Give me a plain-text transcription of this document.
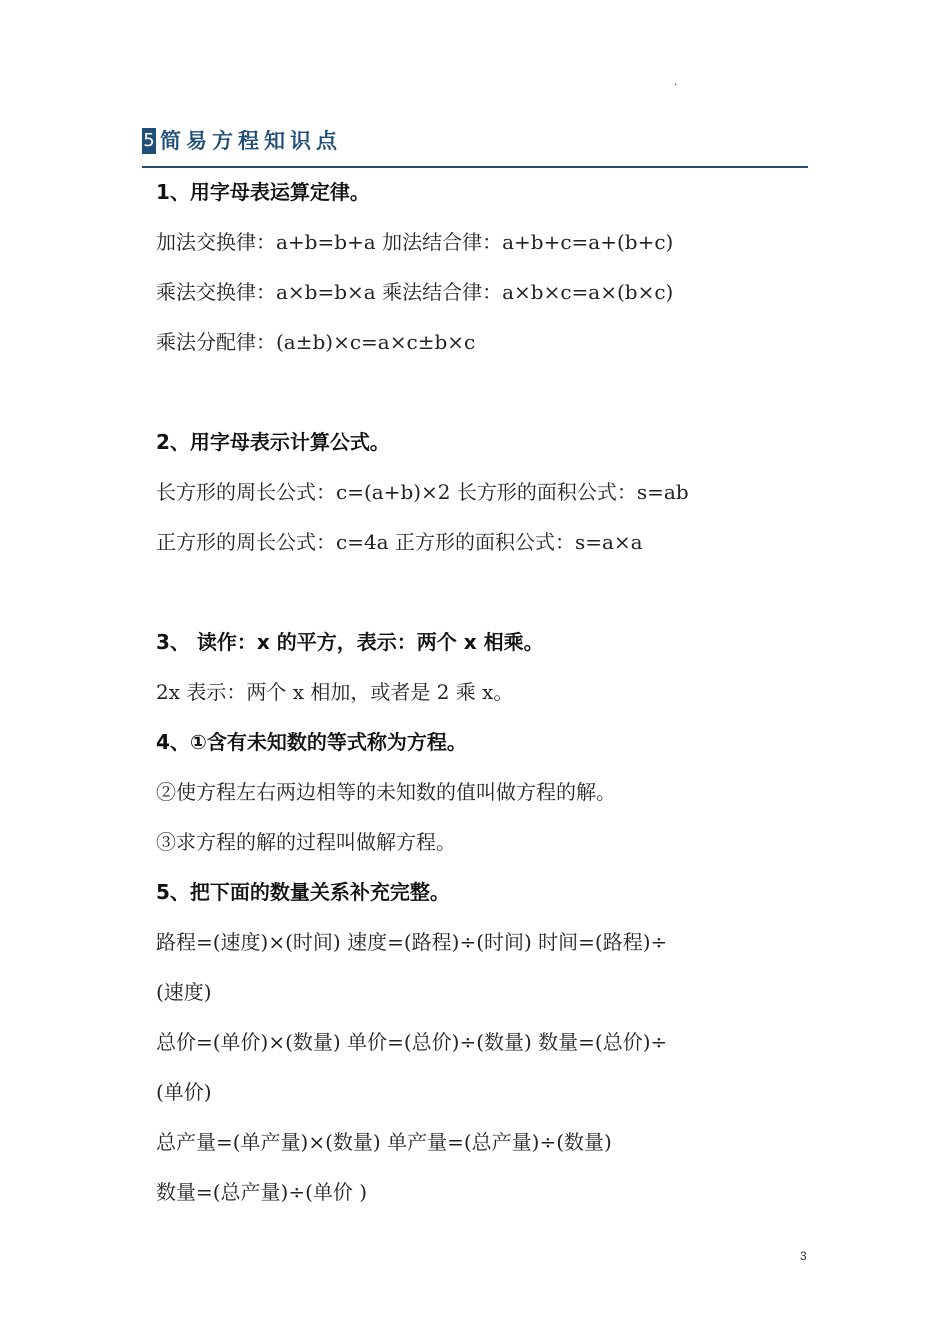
.
5 简易方程知识点
1、用字母表运算定律。
加法交换律：a+b=b+a 加法结合律：a+b+c=a+(b+c)
乘法交换律：a×b=b×a 乘法结合律：a×b×c=a×(b×c)
乘法分配律：(a±b)×c=a×c±b×c
2、用字母表示计算公式。
长方形的周长公式：c=(a+b)×2 长方形的面积公式：s=ab
正方形的周长公式：c=4a 正方形的面积公式：s=a×a
3、 读作：x 的平方，表示：两个 x 相乘。
2x 表示：两个 x 相加，或者是 2 乘 x。
4、①含有未知数的等式称为方程。
②使方程左右两边相等的未知数的值叫做方程的解。
③求方程的解的过程叫做解方程。
5、把下面的数量关系补充完整。
路程=(速度)×(时间) 速度=(路程)÷(时间) 时间=(路程)÷
(速度)
总价=(单价)×(数量) 单价=(总价)÷(数量) 数量=(总价)÷
(单价)
总产量=(单产量)×(数量) 单产量=(总产量)÷(数量)
数量=(总产量)÷(单价 )
3
